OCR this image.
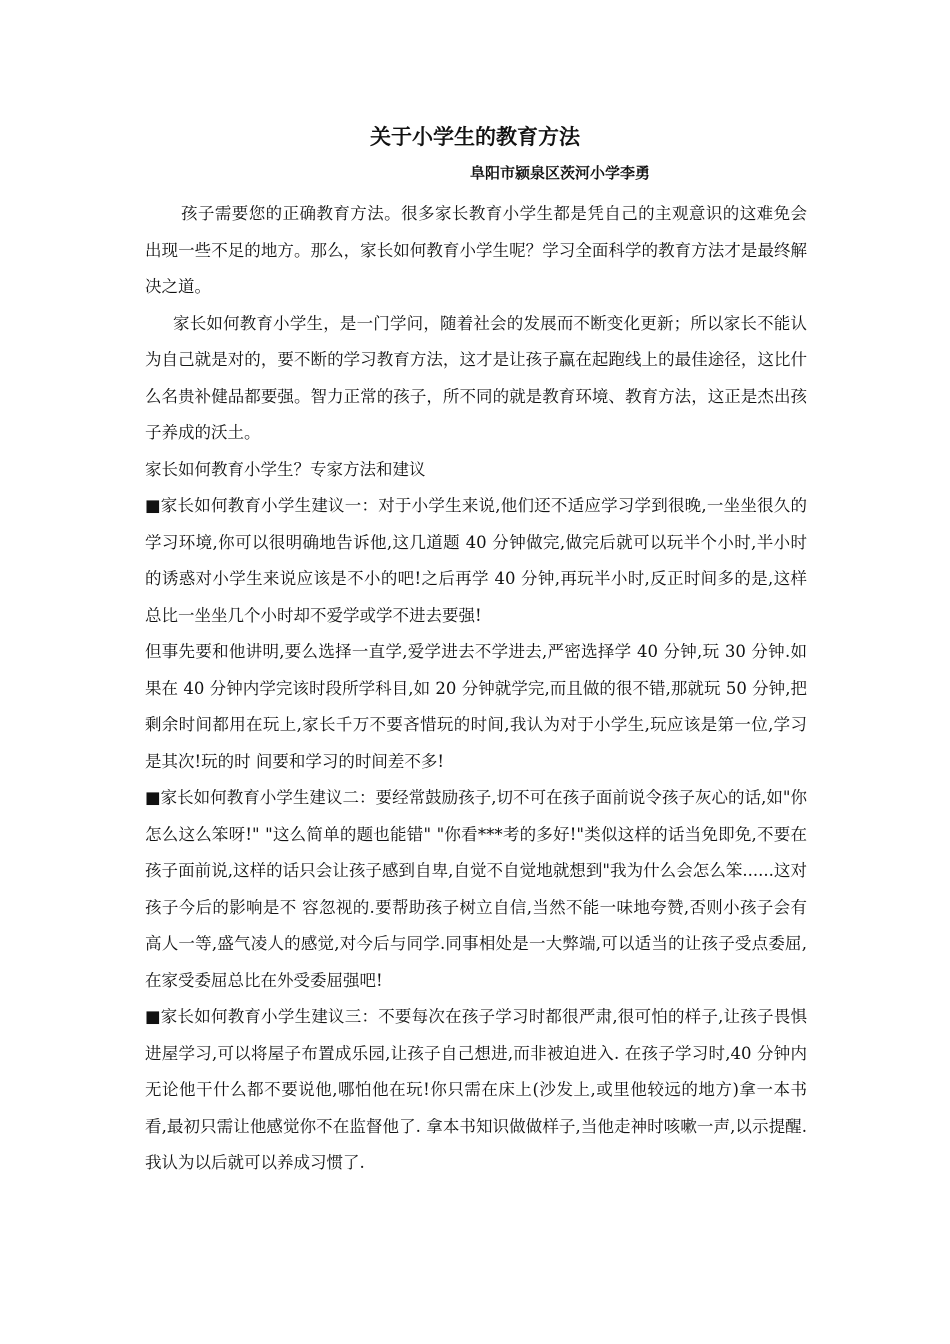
关于小学生的教育方法
阜阳市颍泉区茨河小学李勇

孩子需要您的正确教育方法。很多家长教育小学生都是凭自己的主观意识的这难免会出现一些不足的地方。那么，家长如何教育小学生呢？学习全面科学的教育方法才是最终解决之道。

家长如何教育小学生，是一门学问，随着社会的发展而不断变化更新；所以家长不能认为自己就是对的，要不断的学习教育方法，这才是让孩子赢在起跑线上的最佳途径，这比什么名贵补健品都要强。智力正常的孩子，所不同的就是教育环境、教育方法，这正是杰出孩子养成的沃土。

家长如何教育小学生？专家方法和建议

■家长如何教育小学生建议一：对于小学生来说,他们还不适应学习学到很晚,一坐坐很久的学习环境,你可以很明确地告诉他,这几道题 40 分钟做完,做完后就可以玩半个小时,半小时的诱惑对小学生来说应该是不小的吧!之后再学 40 分钟,再玩半小时,反正时间多的是,这样总比一坐坐几个小时却不爱学或学不进去要强!

但事先要和他讲明,要么选择一直学,爱学进去不学进去,严密选择学 40 分钟,玩 30 分钟.如果在 40 分钟内学完该时段所学科目,如 20 分钟就学完,而且做的很不错,那就玩 50 分钟,把剩余时间都用在玩上,家长千万不要吝惜玩的时间,我认为对于小学生,玩应该是第一位,学习是其次!玩的时 间要和学习的时间差不多!

■家长如何教育小学生建议二：要经常鼓励孩子,切不可在孩子面前说令孩子灰心的话,如"你怎么这么笨呀!" "这么简单的题也能错" "你看***考的多好!"类似这样的话当免即免,不要在孩子面前说,这样的话只会让孩子感到自卑,自觉不自觉地就想到"我为什么会怎么笨......这对孩子今后的影响是不 容忽视的.要帮助孩子树立自信,当然不能一味地夸赞,否则小孩子会有高人一等,盛气凌人的感觉,对今后与同学.同事相处是一大弊端,可以适当的让孩子受点委屈,在家受委屈总比在外受委屈强吧!

■家长如何教育小学生建议三：不要每次在孩子学习时都很严肃,很可怕的样子,让孩子畏惧进屋学习,可以将屋子布置成乐园,让孩子自己想进,而非被迫进入. 在孩子学习时,40 分钟内无论他干什么都不要说他,哪怕他在玩!你只需在床上(沙发上,或里他较远的地方)拿一本书看,最初只需让他感觉你不在监督他了. 拿本书知识做做样子,当他走神时咳嗽一声,以示提醒.我认为以后就可以养成习惯了.
